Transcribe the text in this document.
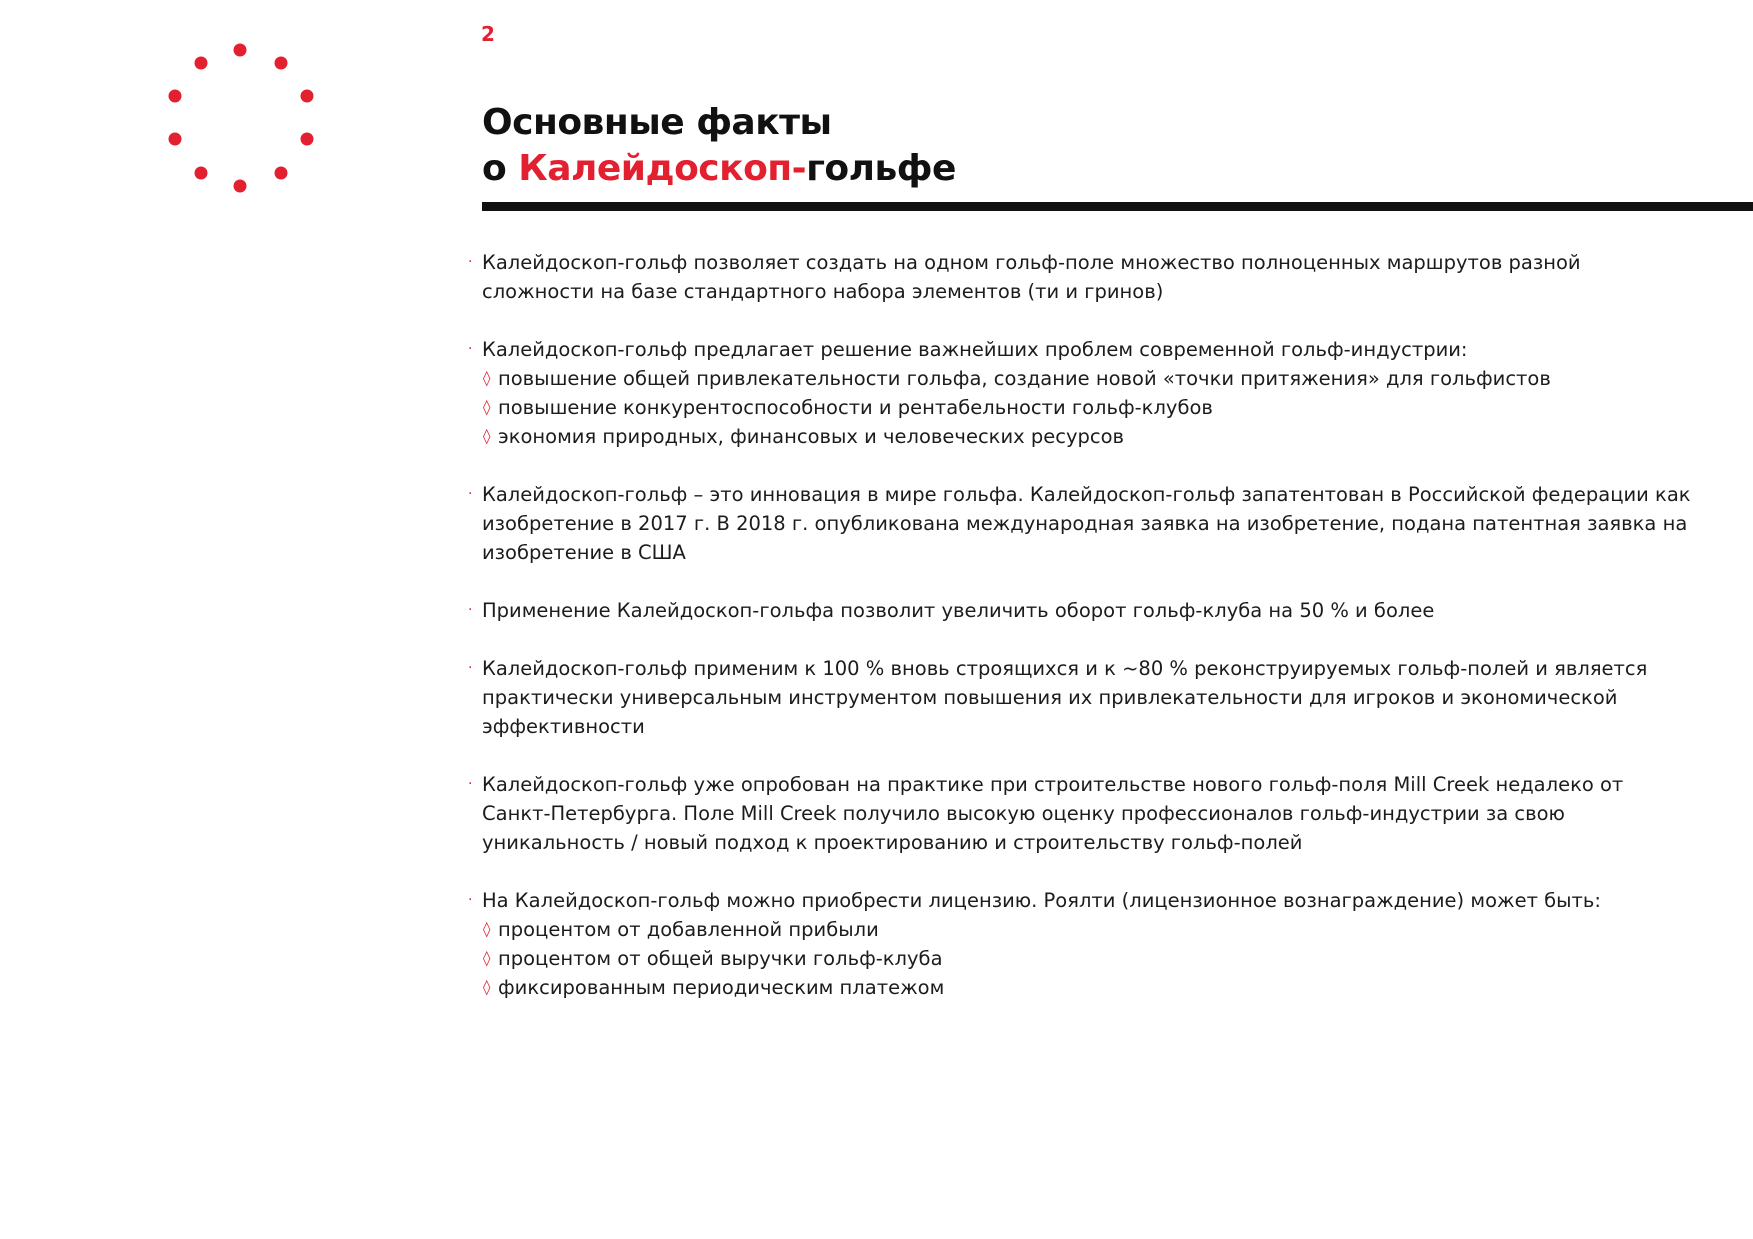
2
Основные факты
о Калейдоскоп-гольфе
· Калейдоскоп-гольф позволяет создать на одном гольф-поле множество полноценных маршрутов разной сложности на базе стандартного набора элементов (ти и гринов)
· Калейдоскоп-гольф предлагает решение важнейших проблем современной гольф-индустрии:
◊ повышение общей привлекательности гольфа, создание новой «точки притяжения» для гольфистов
◊ повышение конкурентоспособности и рентабельности гольф-клубов
◊ экономия природных, финансовых и человеческих ресурсов
· Калейдоскоп-гольф – это инновация в мире гольфа. Калейдоскоп-гольф запатентован в Российской федерации как изобретение в 2017 г. В 2018 г. опубликована международная заявка на изобретение, подана патентная заявка на изобретение в США
· Применение Калейдоскоп-гольфа позволит увеличить оборот гольф-клуба на 50 % и более
· Калейдоскоп-гольф применим к 100 % вновь строящихся и к ~80 % реконструируемых гольф-полей и является практически универсальным инструментом повышения их привлекательности для игроков и экономической эффективности
· Калейдоскоп-гольф уже опробован на практике при строительстве нового гольф-поля Mill Creek недалеко от Санкт-Петербурга. Поле Mill Creek получило высокую оценку профессионалов гольф-индустрии за свою уникальность / новый подход к проектированию и строительству гольф-полей
· На Калейдоскоп-гольф можно приобрести лицензию. Роялти (лицензионное вознаграждение) может быть:
◊ процентом от добавленной прибыли
◊ процентом от общей выручки гольф-клуба
◊ фиксированным периодическим платежом
